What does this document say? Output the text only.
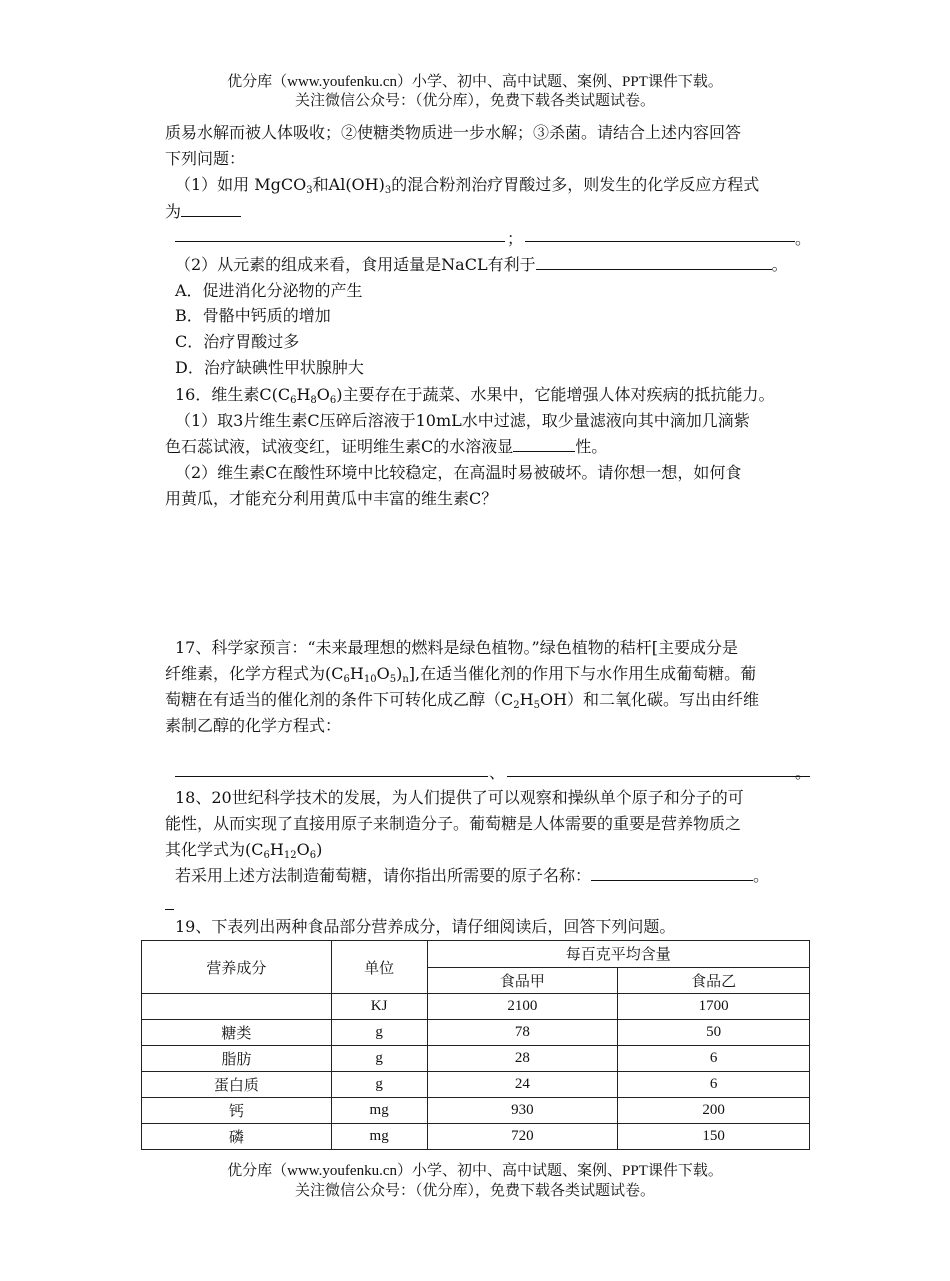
优分库（www.youfenku.cn）小学、初中、高中试题、案例、PPT课件下载。
关注微信公众号：（优分库），免费下载各类试题试卷。
质易水解而被人体吸收；②使糖类物质进一步水解；③杀菌。请结合上述内容回答
下列问题：
（1）如用 MgCO$_3$和$Al(OH)_3$的混合粉剂治疗胃酸过多，则发生的化学反应方程式
为
；	。
（2）从元素的组成来看，食用适量是NaCL有利于	。
A．促进消化分泌物的产生
B．骨骼中钙质的增加
C．治疗胃酸过多
D．治疗缺碘性甲状腺肿大
16．维生素$C(C_6H_8O_6)$主要存在于蔬菜、水果中，它能增强人体对疾病的抵抗能力。
（1）取3片维生素C压碎后溶液于10mL水中过滤，取少量滤液向其中滴加几滴紫
色石蕊试液，试液变红，证明维生素C的水溶液显	性。
（2）维生素C在酸性环境中比较稳定，在高温时易被破坏。请你想一想，如何食
用黄瓜，才能充分利用黄瓜中丰富的维生素C？
17、科学家预言：“未来最理想的燃料是绿色植物。”绿色植物的秸杆[主要成分是
纤维素，化学方程式为$(C_6H_{10}O_5)_n$],在适当催化剂的作用下与水作用生成葡萄糖。葡
萄糖在有适当的催化剂的条件下可转化成乙醇$(C_2H_5OH)$和二氧化碳。写出由纤维
素制乙醇的化学方程式：
、	。
18、20世纪科学技术的发展，为人们提供了可以观察和操纵单个原子和分子的可
能性，从而实现了直接用原子来制造分子。葡萄糖是人体需要的重要是营养物质之
其化学式为$(C_6H_{12}O_6)$
若采用上述方法制造葡萄糖，请你指出所需要的原子名称：	。
19、下表列出两种食品部分营养成分，请仔细阅读后，回答下列问题。
营养成分	单位	每百克平均含量	
		食品甲	食品乙
	KJ	2100	1700
糖类	g	78	50
脂肪	g	28	6
蛋白质	g	24	6
钙	mg	930	200
磷	mg	720	150
优分库（www.youfenku.cn）小学、初中、高中试题、案例、PPT课件下载。
关注微信公众号：（优分库），免费下载各类试题试卷。
